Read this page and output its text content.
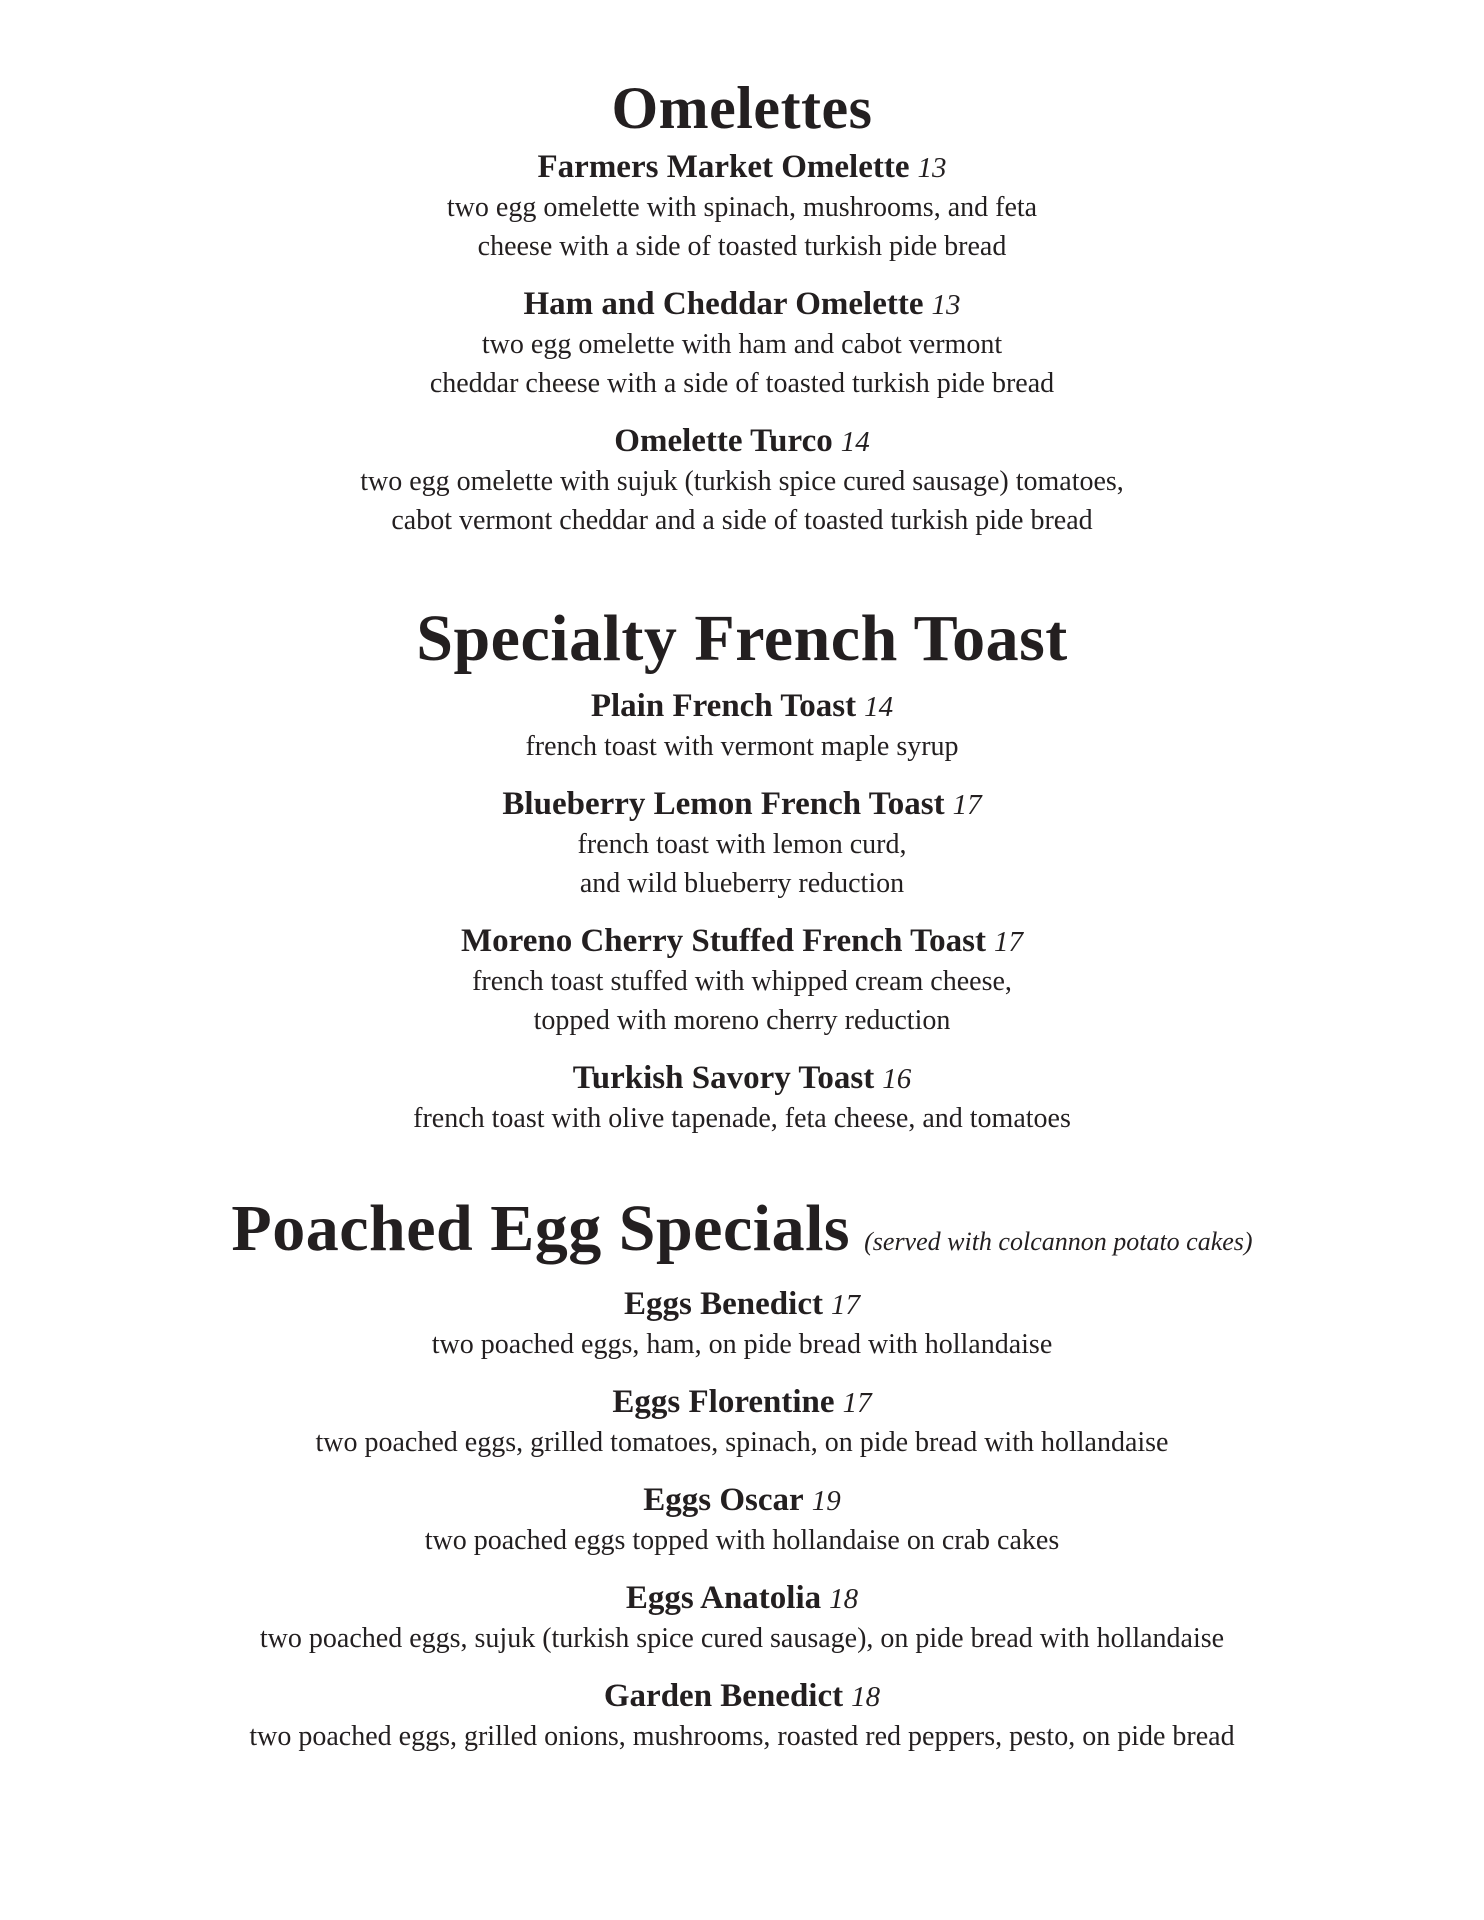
Omelettes
Farmers Market Omelette 13
two egg omelette with spinach, mushrooms, and feta
cheese with a side of toasted turkish pide bread
Ham and Cheddar Omelette 13
two egg omelette with ham and cabot vermont
cheddar cheese with a side of toasted turkish pide bread
Omelette Turco 14
two egg omelette with sujuk (turkish spice cured sausage) tomatoes,
cabot vermont cheddar and a side of toasted turkish pide bread
Specialty French Toast
Plain French Toast 14
french toast with vermont maple syrup
Blueberry Lemon French Toast 17
french toast with lemon curd,
and wild blueberry reduction
Moreno Cherry Stuffed French Toast 17
french toast stuffed with whipped cream cheese,
topped with moreno cherry reduction
Turkish Savory Toast 16
french toast with olive tapenade, feta cheese, and tomatoes
Poached Egg Specials (served with colcannon potato cakes)
Eggs Benedict 17
two poached eggs, ham, on pide bread with hollandaise
Eggs Florentine 17
two poached eggs, grilled tomatoes, spinach, on pide bread with hollandaise
Eggs Oscar 19
two poached eggs topped with hollandaise on crab cakes
Eggs Anatolia 18
two poached eggs, sujuk (turkish spice cured sausage), on pide bread with hollandaise
Garden Benedict 18
two poached eggs, grilled onions, mushrooms, roasted red peppers, pesto, on pide bread
